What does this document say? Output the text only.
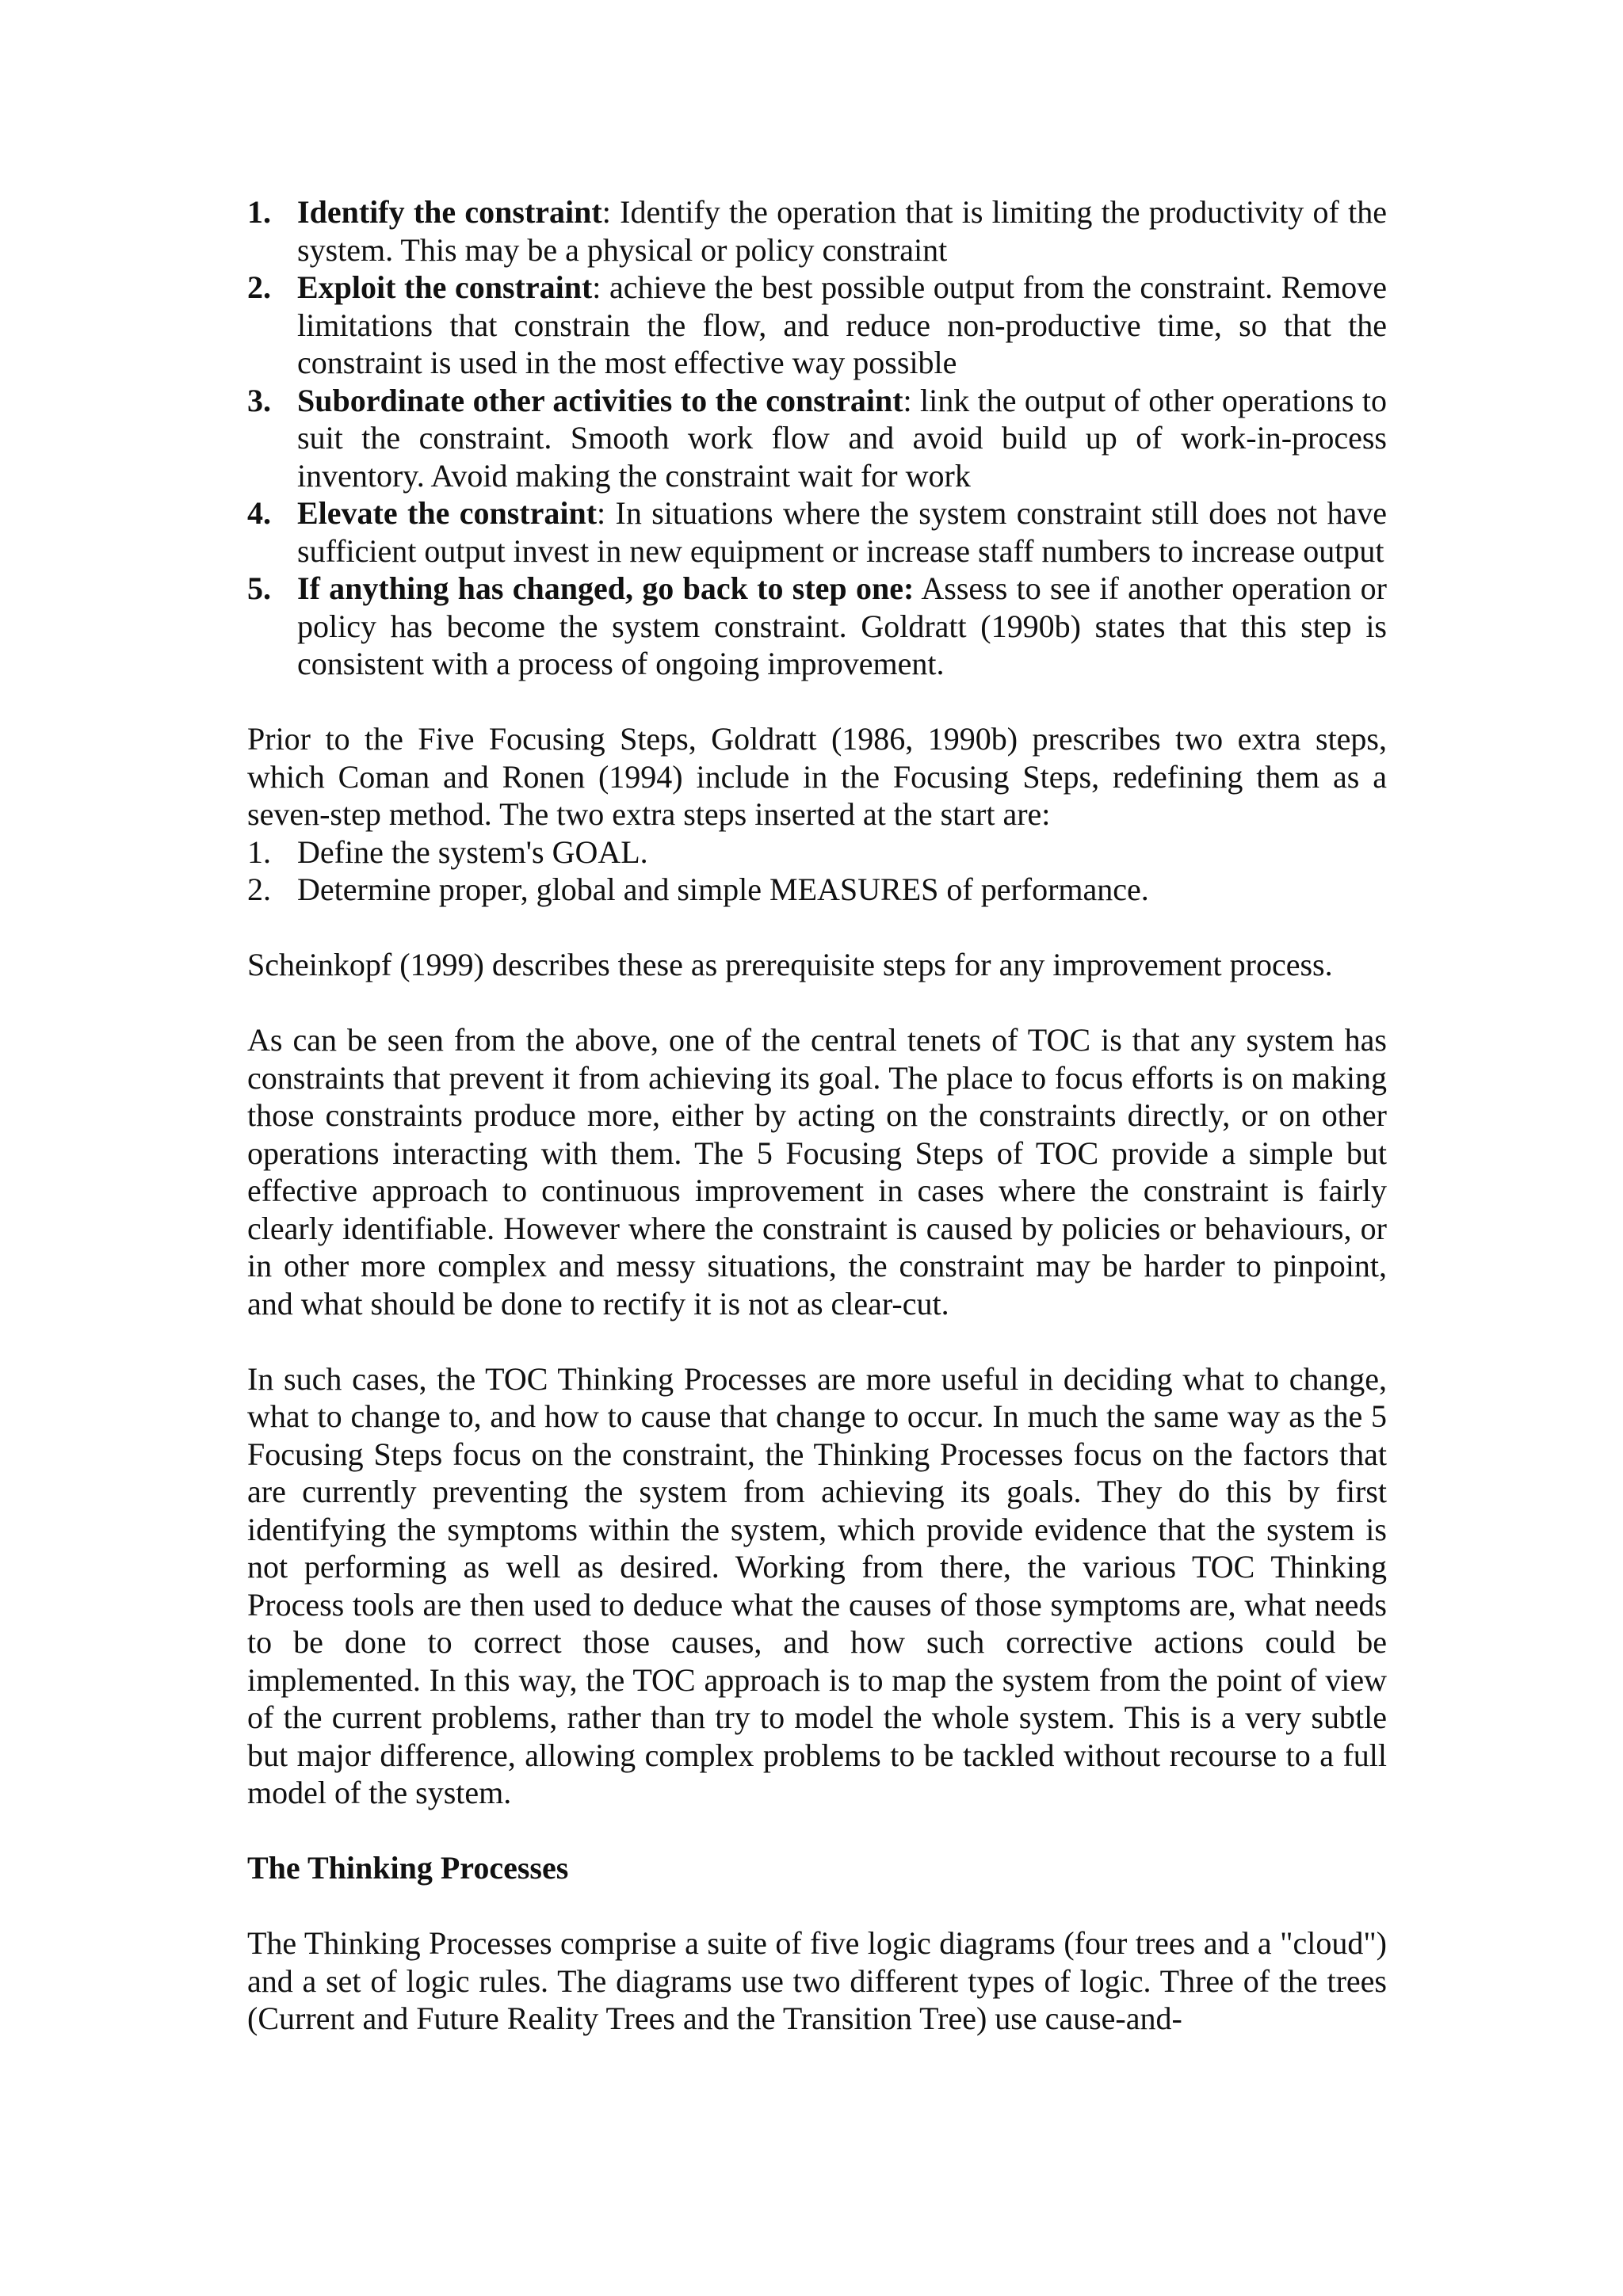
1. Identify the constraint: Identify the operation that is limiting the productivity of the system. This may be a physical or policy constraint
2. Exploit the constraint: achieve the best possible output from the constraint. Remove limitations that constrain the flow, and reduce non-productive time, so that the constraint is used in the most effective way possible
3. Subordinate other activities to the constraint: link the output of other operations to suit the constraint. Smooth work flow and avoid build up of work-in-process inventory. Avoid making the constraint wait for work
4. Elevate the constraint: In situations where the system constraint still does not have sufficient output invest in new equipment or increase staff numbers to increase output
5. If anything has changed, go back to step one: Assess to see if another operation or policy has become the system constraint. Goldratt (1990b) states that this step is consistent with a process of ongoing improvement.

Prior to the Five Focusing Steps, Goldratt (1986, 1990b) prescribes two extra steps, which Coman and Ronen (1994) include in the Focusing Steps, redefining them as a seven-step method. The two extra steps inserted at the start are:

1. Define the system's GOAL.
2. Determine proper, global and simple MEASURES of performance.

Scheinkopf (1999) describes these as prerequisite steps for any improvement process.

As can be seen from the above, one of the central tenets of TOC is that any system has constraints that prevent it from achieving its goal. The place to focus efforts is on making those constraints produce more, either by acting on the constraints directly, or on other operations interacting with them. The 5 Focusing Steps of TOC provide a simple but effective approach to continuous improvement in cases where the constraint is fairly clearly identifiable. However where the constraint is caused by policies or behaviours, or in other more complex and messy situations, the constraint may be harder to pinpoint, and what should be done to rectify it is not as clear-cut.

In such cases, the TOC Thinking Processes are more useful in deciding what to change, what to change to, and how to cause that change to occur. In much the same way as the 5 Focusing Steps focus on the constraint, the Thinking Processes focus on the factors that are currently preventing the system from achieving its goals. They do this by first identifying the symptoms within the system, which provide evidence that the system is not performing as well as desired. Working from there, the various TOC Thinking Process tools are then used to deduce what the causes of those symptoms are, what needs to be done to correct those causes, and how such corrective actions could be implemented. In this way, the TOC approach is to map the system from the point of view of the current problems, rather than try to model the whole system. This is a very subtle but major difference, allowing complex problems to be tackled without recourse to a full model of the system.

The Thinking Processes

The Thinking Processes comprise a suite of five logic diagrams (four trees and a "cloud") and a set of logic rules. The diagrams use two different types of logic. Three of the trees (Current and Future Reality Trees and the Transition Tree) use cause-and-
